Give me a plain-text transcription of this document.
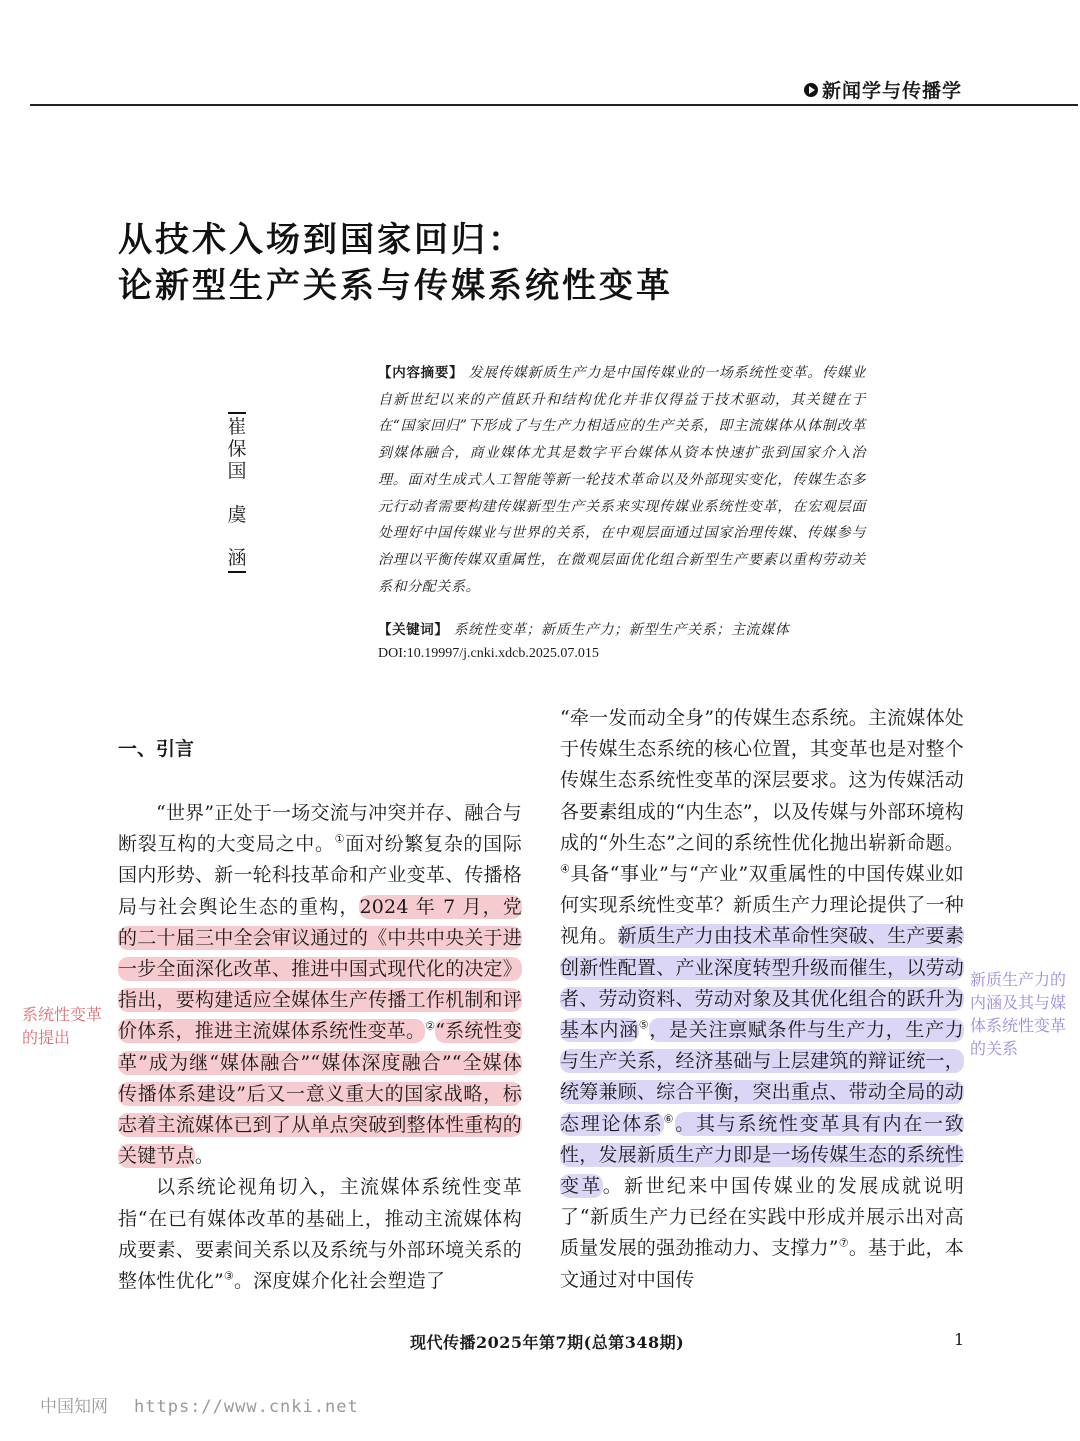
新闻学与传播学
从技术入场到国家回归：
论新型生产关系与传媒系统性变革
崔
保
国
虞
涵
【内容摘要】 发展传媒新质生产力是中国传媒业的一场系统性变革。传媒业自新世纪以来的产值跃升和结构优化并非仅得益于技术驱动，其关键在于在“国家回归”下形成了与生产力相适应的生产关系，即主流媒体从体制改革到媒体融合，商业媒体尤其是数字平台媒体从资本快速扩张到国家介入治理。面对生成式人工智能等新一轮技术革命以及外部现实变化，传媒生态多元行动者需要构建传媒新型生产关系来实现传媒业系统性变革，在宏观层面处理好中国传媒业与世界的关系，在中观层面通过国家治理传媒、传媒参与治理以平衡传媒双重属性，在微观层面优化组合新型生产要素以重构劳动关系和分配关系。
【关键词】 系统性变革；新质生产力；新型生产关系；主流媒体
DOI:10.19997/j.cnki.xdcb.2025.07.015
一、引言
“世界”正处于一场交流与冲突并存、融合与断裂互构的大变局之中。①面对纷繁复杂的国际国内形势、新一轮科技革命和产业变革、传播格局与社会舆论生态的重构，2024 年 7 月，党的二十届三中全会审议通过的《中共中央关于进一步全面深化改革、推进中国式现代化的决定》指出，要构建适应全媒体生产传播工作机制和评价体系，推进主流媒体系统性变革。②“系统性变革”成为继“媒体融合”“媒体深度融合”“全媒体传播体系建设”后又一意义重大的国家战略，标志着主流媒体已到了从单点突破到整体性重构的关键节点。
以系统论视角切入，主流媒体系统性变革指“在已有媒体改革的基础上，推动主流媒体构成要素、要素间关系以及系统与外部环境关系的整体性优化”③。深度媒介化社会塑造了
“牵一发而动全身”的传媒生态系统。主流媒体处于传媒生态系统的核心位置，其变革也是对整个传媒生态系统性变革的深层要求。这为传媒活动各要素组成的“内生态”，以及传媒与外部环境构成的“外生态”之间的系统性优化抛出崭新命题。④具备“事业”与“产业”双重属性的中国传媒业如何实现系统性变革？新质生产力理论提供了一种视角。新质生产力由技术革命性突破、生产要素创新性配置、产业深度转型升级而催生，以劳动者、劳动资料、劳动对象及其优化组合的跃升为基本内涵⑤，是关注禀赋条件与生产力，生产力与生产关系，经济基础与上层建筑的辩证统一，统筹兼顾、综合平衡，突出重点、带动全局的动态理论体系⑥。其与系统性变革具有内在一致性，发展新质生产力即是一场传媒生态的系统性变革。新世纪来中国传媒业的发展成就说明了“新质生产力已经在实践中形成并展示出对高质量发展的强劲推动力、支撑力”⑦。基于此，本文通过对中国传
系统性变革的提出
新质生产力的内涵及其与媒体系统性变革的关系
现代传播2025年第7期(总第348期)	1
中国知网 https://www.cnki.net
